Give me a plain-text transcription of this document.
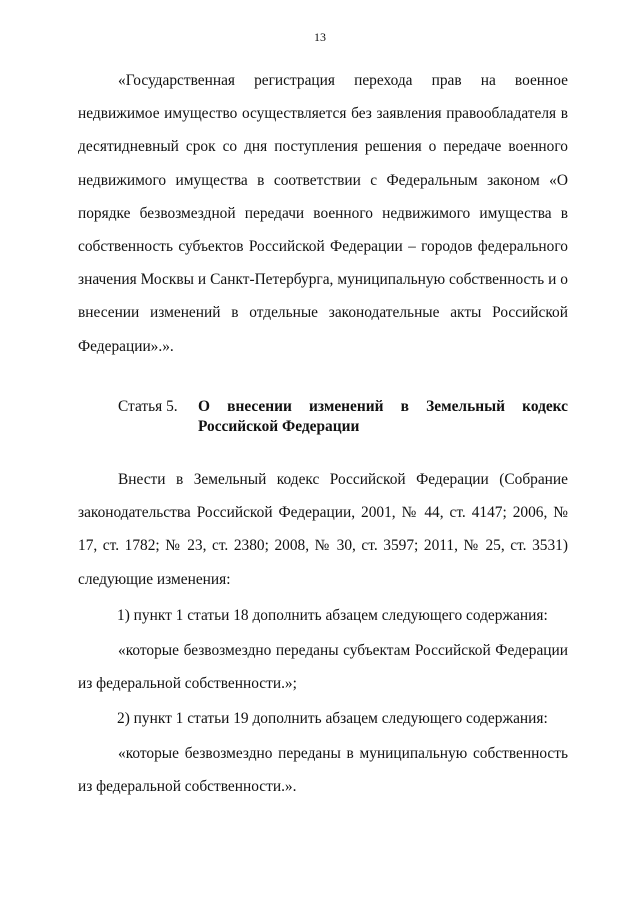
13
«Государственная регистрация перехода прав на военное недвижимое имущество осуществляется без заявления правообладателя в десятидневный срок со дня поступления решения о передаче военного недвижимого имущества в соответствии с Федеральным законом «О порядке безвозмездной передачи военного недвижимого имущества в собственность субъектов Российской Федерации – городов федерального значения Москвы и Санкт-Петербурга, муниципальную собственность и о внесении изменений в отдельные законодательные акты Российской Федерации».».
Статья 5. О внесении изменений в Земельный кодекс
Российской Федерации
Внести в Земельный кодекс Российской Федерации (Собрание законодательства Российской Федерации, 2001, № 44, ст. 4147; 2006, № 17, ст. 1782; № 23, ст. 2380; 2008, № 30, ст. 3597; 2011, № 25, ст. 3531) следующие изменения:
1) пункт 1 статьи 18 дополнить абзацем следующего содержания:
«которые безвозмездно переданы субъектам Российской Федерации из федеральной собственности.»;
2) пункт 1 статьи 19 дополнить абзацем следующего содержания:
«которые безвозмездно переданы в муниципальную собственность из федеральной собственности.».
